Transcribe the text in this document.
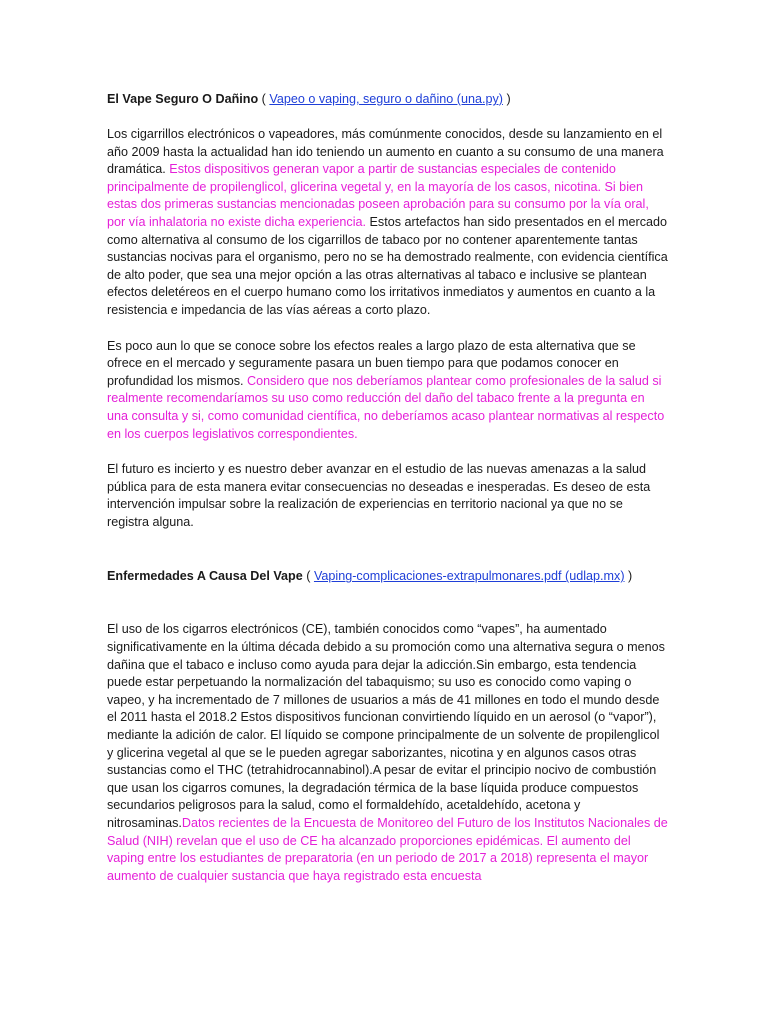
El Vape Seguro O Dañino ( Vapeo o vaping, seguro o dañino (una.py) )

Los cigarrillos electrónicos o vapeadores, más comúnmente conocidos, desde su lanzamiento en el año 2009 hasta la actualidad han ido teniendo un aumento en cuanto a su consumo de una manera dramática. Estos dispositivos generan vapor a partir de sustancias especiales de contenido principalmente de propilenglicol, glicerina vegetal y, en la mayoría de los casos, nicotina. Si bien estas dos primeras sustancias mencionadas poseen aprobación para su consumo por la vía oral, por vía inhalatoria no existe dicha experiencia. Estos artefactos han sido presentados en el mercado como alternativa al consumo de los cigarrillos de tabaco por no contener aparentemente tantas sustancias nocivas para el organismo, pero no se ha demostrado realmente, con evidencia científica de alto poder, que sea una mejor opción a las otras alternativas al tabaco e inclusive se plantean efectos deletéreos en el cuerpo humano como los irritativos inmediatos y aumentos en cuanto a la resistencia e impedancia de las vías aéreas a corto plazo.

Es poco aun lo que se conoce sobre los efectos reales a largo plazo de esta alternativa que se ofrece en el mercado y seguramente pasara un buen tiempo para que podamos conocer en profundidad los mismos. Considero que nos deberíamos plantear como profesionales de la salud si realmente recomendaríamos su uso como reducción del daño del tabaco frente a la pregunta en una consulta y si, como comunidad científica, no deberíamos acaso plantear normativas al respecto en los cuerpos legislativos correspondientes.

El futuro es incierto y es nuestro deber avanzar en el estudio de las nuevas amenazas a la salud pública para de esta manera evitar consecuencias no deseadas e inesperadas. Es deseo de esta intervención impulsar sobre la realización de experiencias en territorio nacional ya que no se registra alguna.

Enfermedades A Causa Del Vape ( Vaping-complicaciones-extrapulmonares.pdf (udlap.mx) )

El uso de los cigarros electrónicos (CE), también conocidos como “vapes”, ha aumentado significativamente en la última década debido a su promoción como una alternativa segura o menos dañina que el tabaco e incluso como ayuda para dejar la adicción.Sin embargo, esta tendencia puede estar perpetuando la normalización del tabaquismo; su uso es conocido como vaping o vapeo, y ha incrementado de 7 millones de usuarios a más de 41 millones en todo el mundo desde el 2011 hasta el 2018.2 Estos dispositivos funcionan convirtiendo líquido en un aerosol (o “vapor”), mediante la adición de calor. El líquido se compone principalmente de un solvente de propilenglicol y glicerina vegetal al que se le pueden agregar saborizantes, nicotina y en algunos casos otras sustancias como el THC (tetrahidrocannabinol).A pesar de evitar el principio nocivo de combustión que usan los cigarros comunes, la degradación térmica de la base líquida produce compuestos secundarios peligrosos para la salud, como el formaldehído, acetaldehído, acetona y nitrosaminas.Datos recientes de la Encuesta de Monitoreo del Futuro de los Institutos Nacionales de Salud (NIH) revelan que el uso de CE ha alcanzado proporciones epidémicas. El aumento del vaping entre los estudiantes de preparatoria (en un periodo de 2017 a 2018) representa el mayor aumento de cualquier sustancia que haya registrado esta encuesta
